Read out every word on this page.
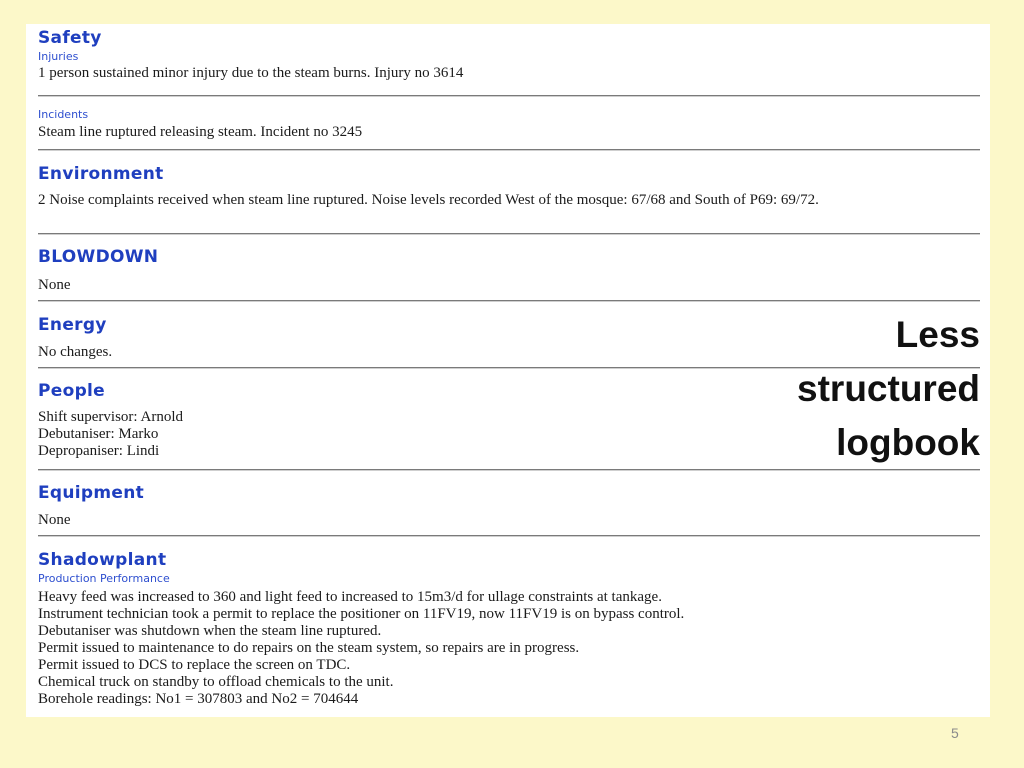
Safety

Injuries

1 person sustained minor injury due to the steam burns. Injury no 3614

Incidents

Steam line ruptured releasing steam. Incident no 3245

Environment

2 Noise complaints received when steam line ruptured. Noise levels recorded West of the mosque: 67/68 and South of P69: 69/72.

BLOWDOWN

None

Energy

No changes.

People

Shift supervisor: Arnold

Debutaniser: Marko

Depropaniser: Lindi

Equipment

None

Shadowplant

Production Performance

Heavy feed was increased to 360 and light feed to increased to 15m3/d for ullage constraints at tankage.

Instrument technician took a permit to replace the positioner on 11FV19, now 11FV19 is on bypass control.

Debutaniser was shutdown when the steam line ruptured.

Permit issued to maintenance to do repairs on the steam system, so repairs are in progress.

Permit issued to DCS to replace the screen on TDC.

Chemical truck on standby to offload chemicals to the unit.

Borehole readings: No1 = 307803 and No2 = 704644

Less
structured
logbook
5
